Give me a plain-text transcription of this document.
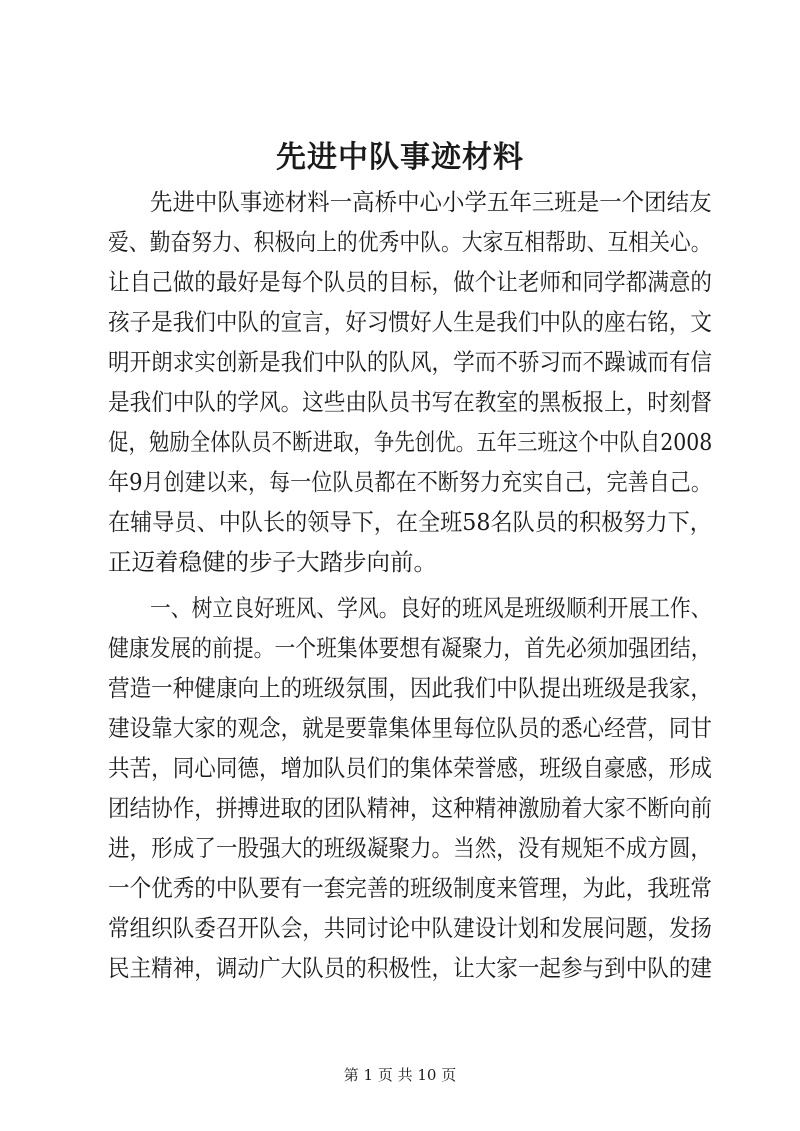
先进中队事迹材料
先进中队事迹材料一高桥中心小学五年三班是一个团结友
爱、勤奋努力、积极向上的优秀中队。大家互相帮助、互相关心。
让自己做的最好是每个队员的目标，做个让老师和同学都满意的
孩子是我们中队的宣言，好习惯好人生是我们中队的座右铭，文
明开朗求实创新是我们中队的队风，学而不骄习而不躁诚而有信
是我们中队的学风。这些由队员书写在教室的黑板报上，时刻督
促，勉励全体队员不断进取，争先创优。五年三班这个中队自2008
年9月创建以来，每一位队员都在不断努力充实自己，完善自己。
在辅导员、中队长的领导下，在全班58名队员的积极努力下，
正迈着稳健的步子大踏步向前。
一、树立良好班风、学风。良好的班风是班级顺利开展工作、
健康发展的前提。一个班集体要想有凝聚力，首先必须加强团结，
营造一种健康向上的班级氛围，因此我们中队提出班级是我家，
建设靠大家的观念，就是要靠集体里每位队员的悉心经营，同甘
共苦，同心同德，增加队员们的集体荣誉感，班级自豪感，形成
团结协作，拼搏进取的团队精神，这种精神激励着大家不断向前
进，形成了一股强大的班级凝聚力。当然，没有规矩不成方圆，
一个优秀的中队要有一套完善的班级制度来管理，为此，我班常
常组织队委召开队会，共同讨论中队建设计划和发展问题，发扬
民主精神，调动广大队员的积极性，让大家一起参与到中队的建
第 1 页 共 10 页
